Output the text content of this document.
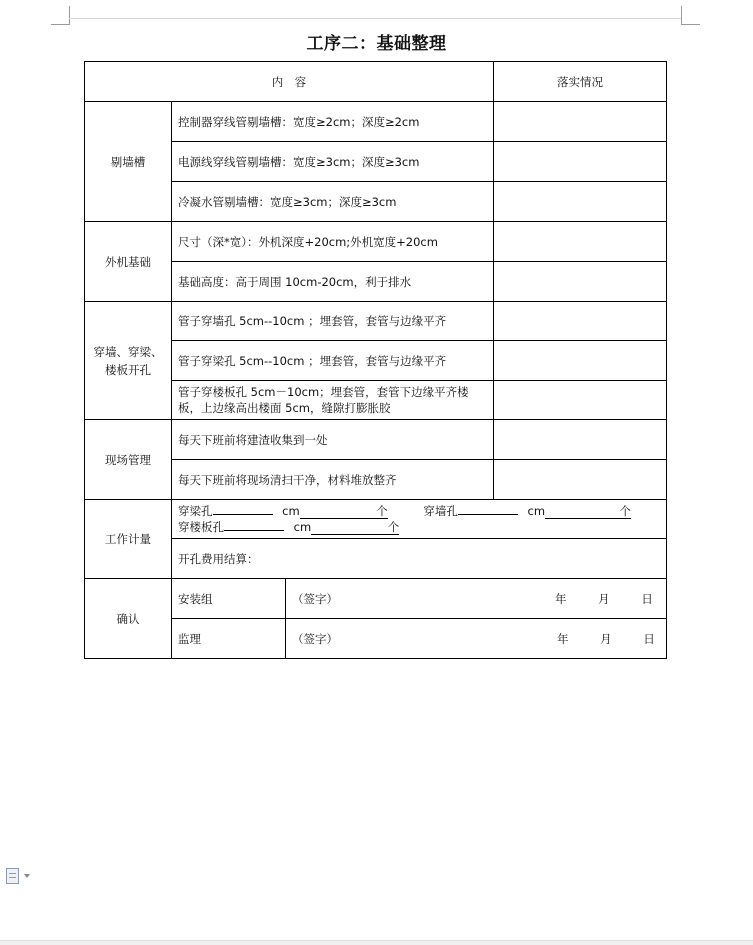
工序二：基础整理
内　容			落实情况
剔墙槽	控制器穿线管剔墙槽：宽度≥2cm；深度≥2cm		
	电源线穿线管剔墙槽：宽度≥3cm；深度≥3cm		
	冷凝水管剔墙槽：宽度≥3cm；深度≥3cm		
外机基础	尺寸（深*宽）：外机深度+20cm;外机宽度+20cm		
	基础高度：高于周围 10cm-20cm，利于排水		
穿墙、穿梁、
楼板开孔	管子穿墙孔 5cm--10cm ；埋套管，套管与边缘平齐		
	管子穿梁孔 5cm--10cm ；埋套管，套管与边缘平齐		
	管子穿楼板孔 5cm－10cm；埋套管，套管下边缘平齐楼板，上边缘高出楼面 5cm，缝隙打膨胀胶		
现场管理	每天下班前将建渣收集到一处		
	每天下班前将现场清扫干净，材料堆放整齐		
工作计量	穿梁孔 cm 个 穿墙孔 cm 个
穿楼板孔 cm 个		

	开孔费用结算：		
确认	安装组	（签字） 年 月 日	

	监理	（签字） 年 月 日	
